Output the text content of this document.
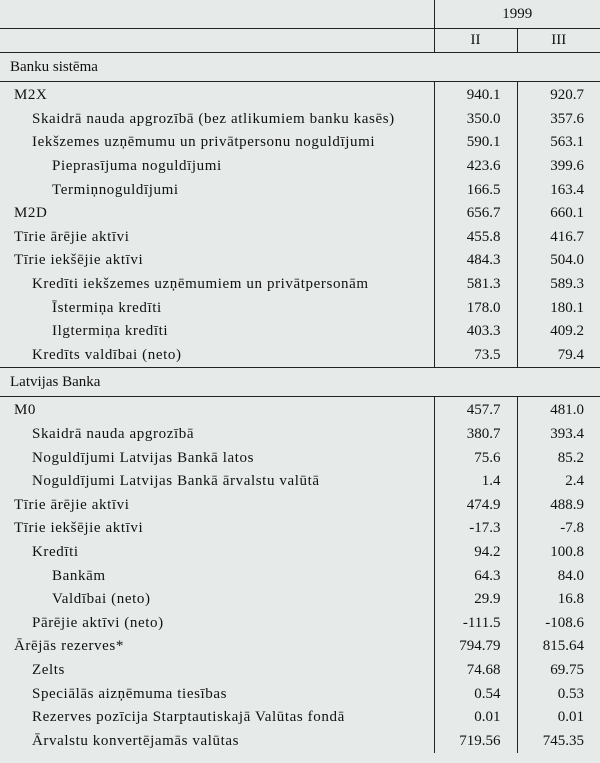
	1999	
	II	III
Banku sistēma		
M2X	940.1	920.7
Skaidrā nauda apgrozībā (bez atlikumiem banku kasēs)	350.0	357.6
Iekšzemes uzņēmumu un privātpersonu noguldījumi	590.1	563.1
Pieprasījuma noguldījumi	423.6	399.6
Termiņnoguldījumi	166.5	163.4
M2D	656.7	660.1
Tīrie ārējie aktīvi	455.8	416.7
Tīrie iekšējie aktīvi	484.3	504.0
Kredīti iekšzemes uzņēmumiem un privātpersonām	581.3	589.3
Īstermiņa kredīti	178.0	180.1
Ilgtermiņa kredīti	403.3	409.2
Kredīts valdībai (neto)	73.5	79.4
Latvijas Banka		
M0	457.7	481.0
Skaidrā nauda apgrozībā	380.7	393.4
Noguldījumi Latvijas Bankā latos	75.6	85.2
Noguldījumi Latvijas Bankā ārvalstu valūtā	1.4	2.4
Tīrie ārējie aktīvi	474.9	488.9
Tīrie iekšējie aktīvi	-17.3	-7.8
Kredīti	94.2	100.8
Bankām	64.3	84.0
Valdībai (neto)	29.9	16.8
Pārējie aktīvi (neto)	-111.5	-108.6
Ārējās rezerves*	794.79	815.64
Zelts	74.68	69.75
Speciālās aizņēmuma tiesības	0.54	0.53
Rezerves pozīcija Starptautiskajā Valūtas fondā	0.01	0.01
Ārvalstu konvertējamās valūtas	719.56	745.35
